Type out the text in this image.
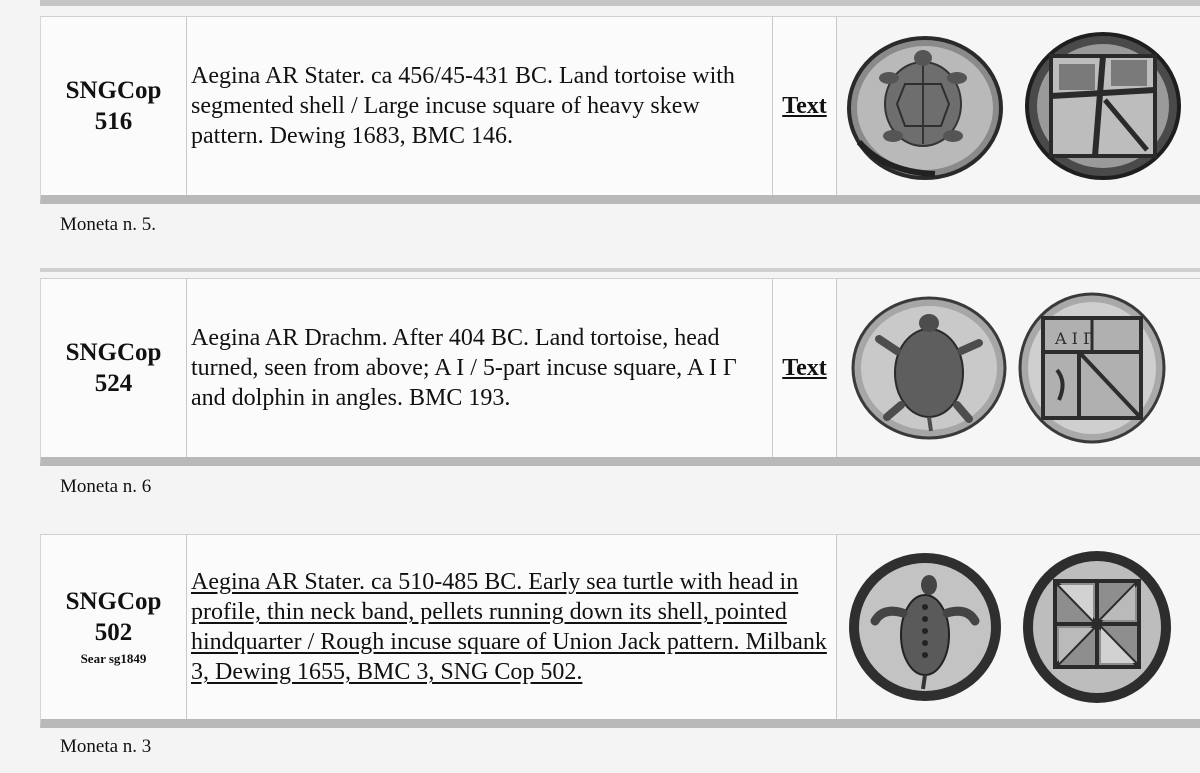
SNGCop
516
Aegina AR Stater. ca 456/45-431 BC. Land tortoise with segmented shell / Large incuse square of heavy skew pattern. Dewing 1683, BMC 146.
Text
Moneta n. 5.
SNGCop
524
Aegina AR Drachm. After 404 BC. Land tortoise, head turned, seen from above; A I / 5-part incuse square, A I Γ and dolphin in angles. BMC 193.
Text
A I Γ
Moneta n. 6
SNGCop
502
Sear sg1849
Aegina AR Stater. ca 510-485 BC. Early sea turtle with head in profile, thin neck band, pellets running down its shell, pointed hindquarter / Rough incuse square of Union Jack pattern. Milbank 3, Dewing 1655, BMC 3, SNG Cop 502.
Moneta n. 3
